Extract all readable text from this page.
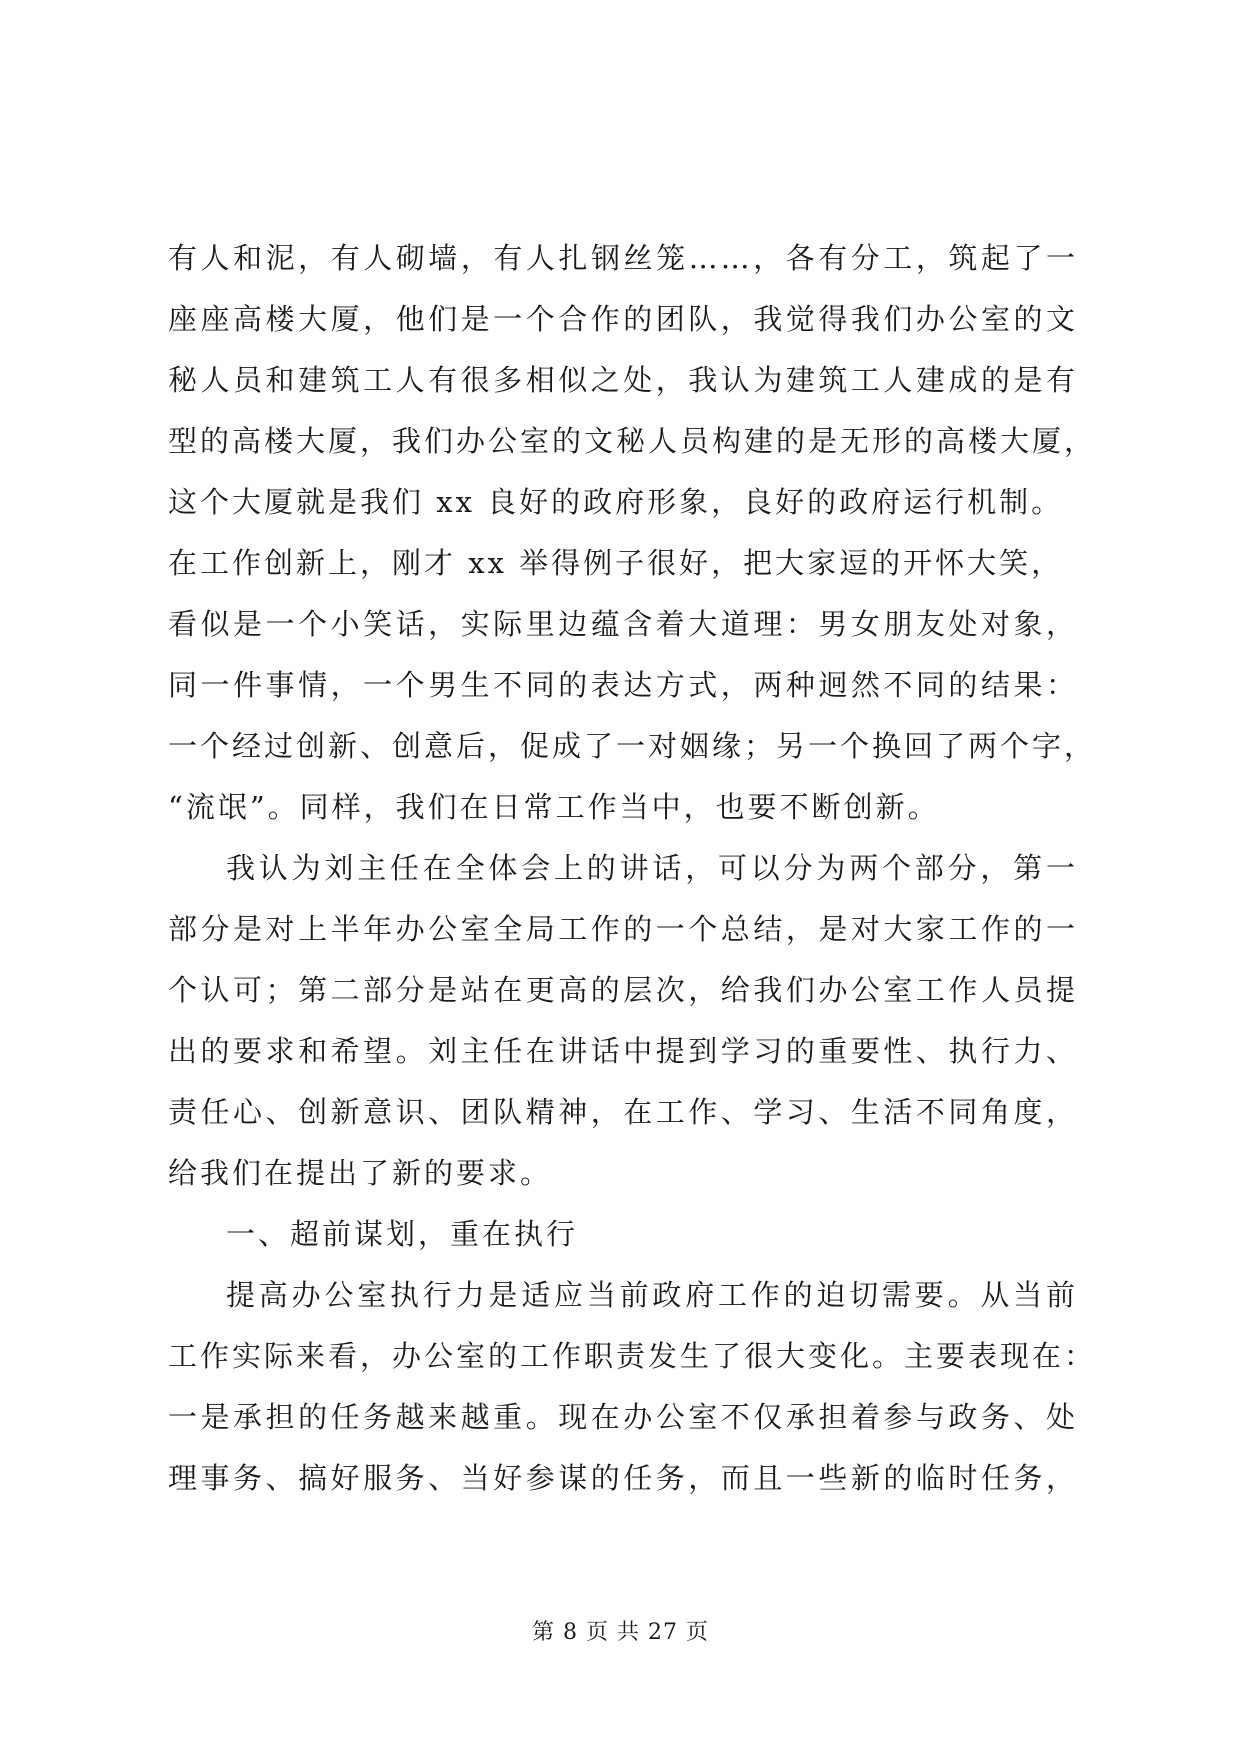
有人和泥，有人砌墙，有人扎钢丝笼……，各有分工，筑起了一
座座高楼大厦，他们是一个合作的团队，我觉得我们办公室的文
秘人员和建筑工人有很多相似之处，我认为建筑工人建成的是有
型的高楼大厦，我们办公室的文秘人员构建的是无形的高楼大厦，
这个大厦就是我们 xx 良好的政府形象，良好的政府运行机制。
在工作创新上，刚才 xx 举得例子很好，把大家逗的开怀大笑，
看似是一个小笑话，实际里边蕴含着大道理：男女朋友处对象，
同一件事情，一个男生不同的表达方式，两种迥然不同的结果：
一个经过创新、创意后，促成了一对姻缘；另一个换回了两个字，
“流氓”。同样，我们在日常工作当中，也要不断创新。
我认为刘主任在全体会上的讲话，可以分为两个部分，第一
部分是对上半年办公室全局工作的一个总结，是对大家工作的一
个认可；第二部分是站在更高的层次，给我们办公室工作人员提
出的要求和希望。刘主任在讲话中提到学习的重要性、执行力、
责任心、创新意识、团队精神，在工作、学习、生活不同角度，
给我们在提出了新的要求。
一、超前谋划，重在执行
提高办公室执行力是适应当前政府工作的迫切需要。从当前
工作实际来看，办公室的工作职责发生了很大变化。主要表现在：
一是承担的任务越来越重。现在办公室不仅承担着参与政务、处
理事务、搞好服务、当好参谋的任务，而且一些新的临时任务，
第 8 页 共 27 页
